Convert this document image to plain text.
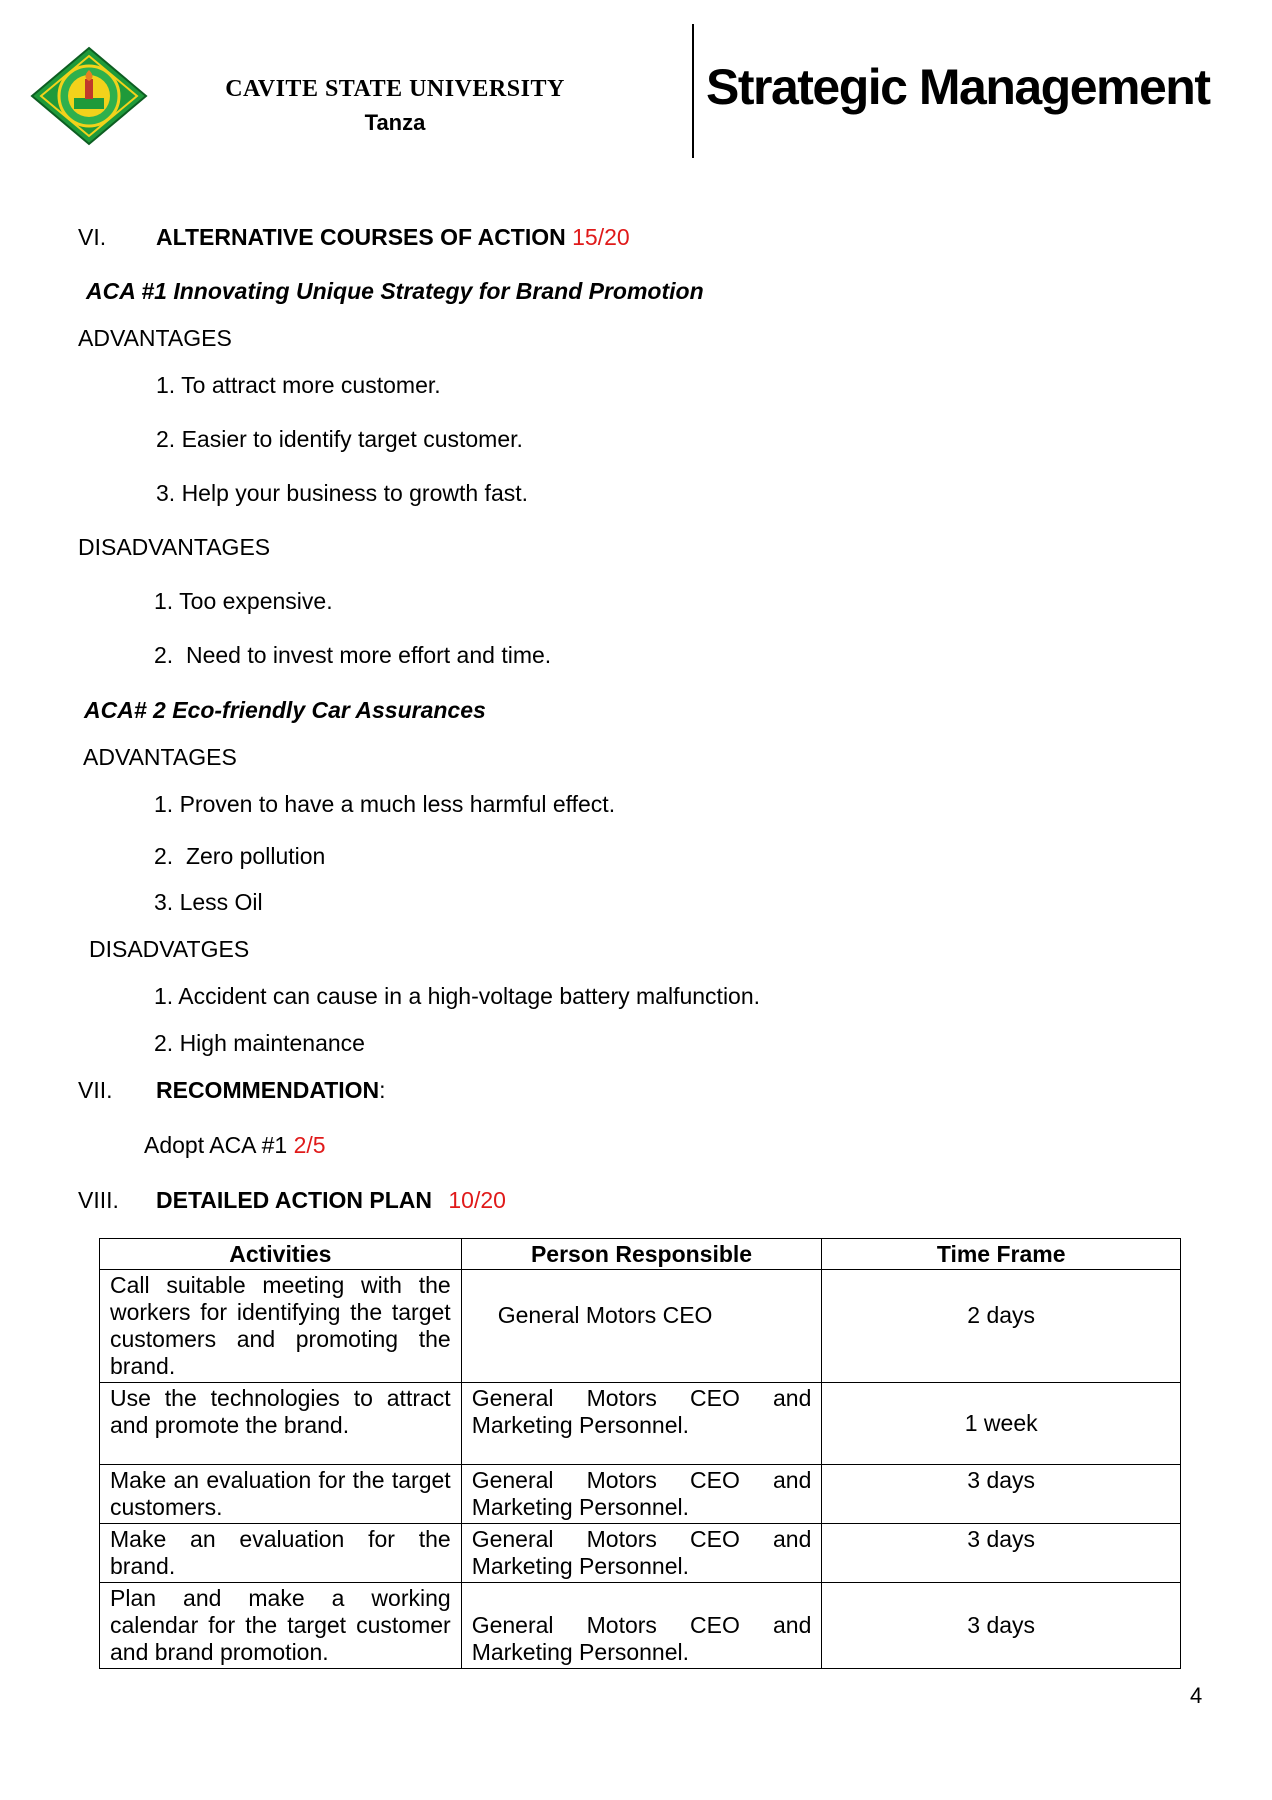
CAVITE STATE UNIVERSITY
Tanza
Strategic Management
VI. ALTERNATIVE COURSES OF ACTION 15/20
ACA #1 Innovating Unique Strategy for Brand Promotion
ADVANTAGES
1. To attract more customer.
2. Easier to identify target customer.
3. Help your business to growth fast.
DISADVANTAGES
1. Too expensive.
2.  Need to invest more effort and time.
ACA# 2 Eco-friendly Car Assurances
ADVANTAGES
1. Proven to have a much less harmful effect.
2.  Zero pollution
3. Less Oil
DISADVATGES
1. Accident can cause in a high-voltage battery malfunction.
2. High maintenance
VII. RECOMMENDATION:
Adopt ACA #1 2/5
VIII. DETAILED ACTION PLAN 10/20
Activities	Person Responsible	Time Frame
Call suitable meeting with the workers for identifying the target customers and promoting the brand.	General Motors CEO	2 days
Use the technologies to attract and promote the brand.	General Motors CEO and Marketing Personnel.	1 week
Make an evaluation for the target customers.	General Motors CEO and Marketing Personnel.	3 days
Make an evaluation for the brand.	General Motors CEO and Marketing Personnel.	3 days
Plan and make a working calendar for the target customer and brand promotion.	General Motors CEO and Marketing Personnel.	3 days
4
